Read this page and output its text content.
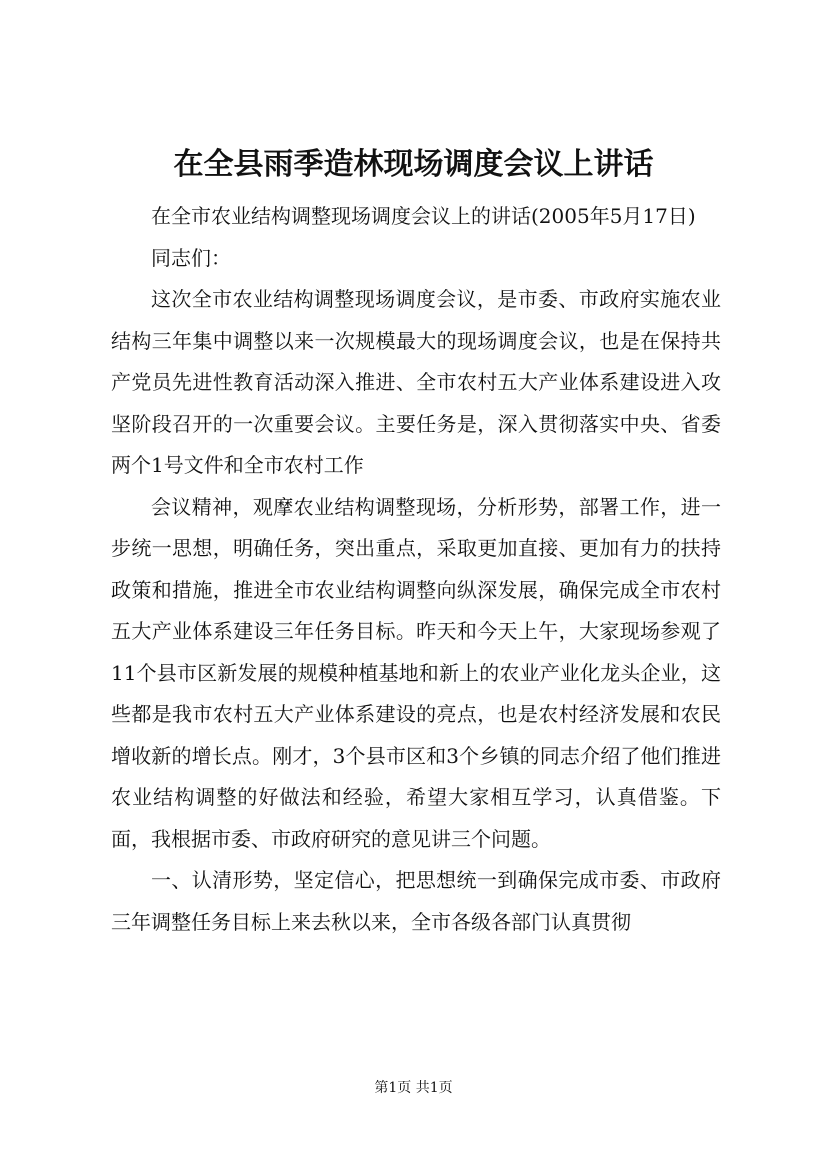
在全县雨季造林现场调度会议上讲话

在全市农业结构调整现场调度会议上的讲话(2005年5月17日)

同志们：

这次全市农业结构调整现场调度会议，是市委、市政府实施农业结构三年集中调整以来一次规模最大的现场调度会议，也是在保持共产党员先进性教育活动深入推进、全市农村五大产业体系建设进入攻坚阶段召开的一次重要会议。主要任务是，深入贯彻落实中央、省委两个1号文件和全市农村工作

会议精神，观摩农业结构调整现场，分析形势，部署工作，进一步统一思想，明确任务，突出重点，采取更加直接、更加有力的扶持政策和措施，推进全市农业结构调整向纵深发展，确保完成全市农村五大产业体系建设三年任务目标。昨天和今天上午，大家现场参观了11个县市区新发展的规模种植基地和新上的农业产业化龙头企业，这些都是我市农村五大产业体系建设的亮点，也是农村经济发展和农民增收新的增长点。刚才，3个县市区和3个乡镇的同志介绍了他们推进农业结构调整的好做法和经验，希望大家相互学习，认真借鉴。下面，我根据市委、市政府研究的意见讲三个问题。

一、认清形势，坚定信心，把思想统一到确保完成市委、市政府三年调整任务目标上来去秋以来，全市各级各部门认真贯彻

第1页 共1页
